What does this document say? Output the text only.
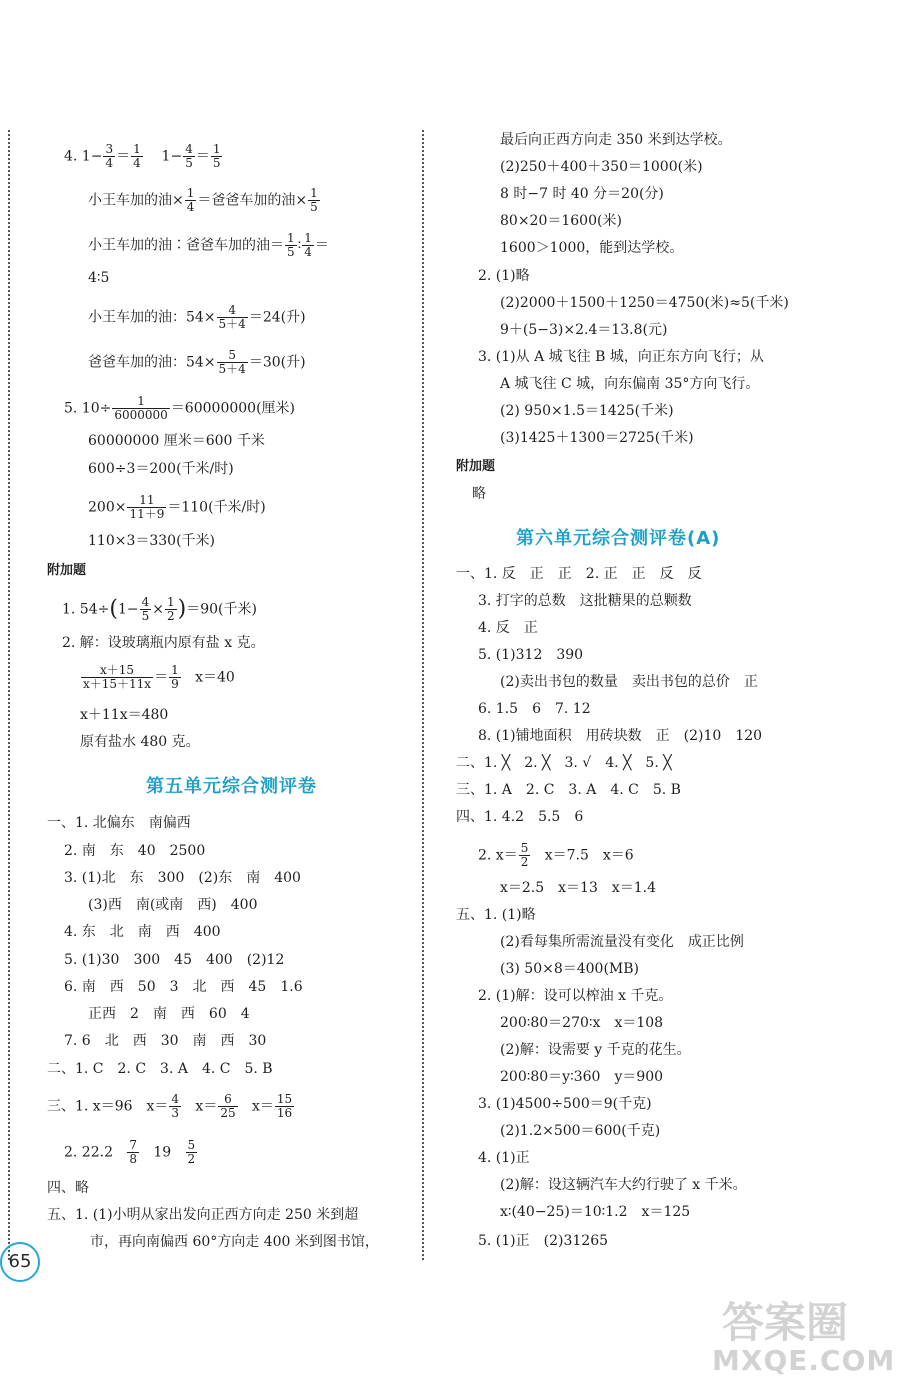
4. $1- \frac{3}{4} = \frac{1}{4} 1- \frac{4}{5} = \frac{1}{5}$
小王车加的油× $\frac{1}{4}$ ＝爸爸车加的油× $\frac{1}{5}$
小王车加的油∶爸爸车加的油＝ $\frac{1}{5}$ ∶ $\frac{1}{4}$ ＝
4∶5
小王车加的油：$54\times \frac{4}{5+4} =24$(升)
爸爸车加的油：$54\times \frac{5}{5+4} =30$(升)
5. $10\div \frac{1}{6000000} =60000000$(厘米)
60000000 厘米＝600 千米
600÷3＝200(千米/时)
$200\times \frac{11}{11+9} =110$(千米/时)
110×3＝330(千米)
附加题
1. $54\div(1- \frac{4}{5} \times \frac{1}{2} )=90$(千米)
2. 解：设玻璃瓶内原有盐 x 克。
$\frac{x+15}{x+15+11x} = \frac{1}{9} x=40$
x＋11x＝480
原有盐水 480 克。
第五单元综合测评卷
一、1. 北偏东　南偏西
2. 南　东　40　2500
3. (1)北　东　300　(2)东　南　400
(3)西　南(或南　西)　400
4. 东　北　南　西　400
5. (1)30　300　45　400　(2)12
6. 南　西　50　3　北　西　45　1.6
正西　2　南　西　60　4
7. 6　北　西　30　南　西　30
二、1. C　2. C　3. A　4. C　5. B
三、1. x＝96　$x= \frac{4}{3} x= \frac{6}{25} x= \frac{15}{16}$
2. $22.2 \frac{7}{8} 19 \frac{5}{2}$
四、略
五、1. (1)小明从家出发向正西方向走 250 米到超
市，再向南偏西 60°方向走 400 米到图书馆，
最后向正西方向走 350 米到达学校。
(2)250＋400＋350＝1000(米)
8 时−7 时 40 分＝20(分)
80×20＝1600(米)
1600＞1000，能到达学校。
2. (1)略
(2)2000＋1500＋1250＝4750(米)≈5(千米)
9＋(5−3)×2.4＝13.8(元)
3. (1)从 A 城飞往 B 城，向正东方向飞行；从
A 城飞往 C 城，向东偏南 35°方向飞行。
(2) 950×1.5＝1425(千米)
(3)1425＋1300＝2725(千米)
附加题
略
第六单元综合测评卷(A)
一、1. 反　正　正　2. 正　正　反　反
3. 打字的总数　这批糖果的总颗数
4. 反　正
5. (1)312　390
(2)卖出书包的数量　卖出书包的总价　正
6. 1.5　6　7. 12
8. (1)铺地面积　用砖块数　正　(2)10　120
二、1. ╳　2. ╳　3. √　4. ╳　5. ╳
三、1. A　2. C　3. A　4. C　5. B
四、1. 4.2　5.5　6
2. $x= \frac{5}{2} x=7.5$　x＝6
x＝2.5　x＝13　x＝1.4
五、1. (1)略
(2)看每集所需流量没有变化　成正比例
(3) 50×8＝400(MB)
2. (1)解：设可以榨油 x 千克。
200∶80＝270∶x　x＝108
(2)解：设需要 y 千克的花生。
200∶80＝y∶360　y＝900
3. (1)4500÷500＝9(千克)
(2)1.2×500＝600(千克)
4. (1)正
(2)解：设这辆汽车大约行驶了 x 千米。
x∶(40−25)＝10∶1.2　x＝125
5. (1)正　(2)31265
65
答案圈
MXQE.COM
